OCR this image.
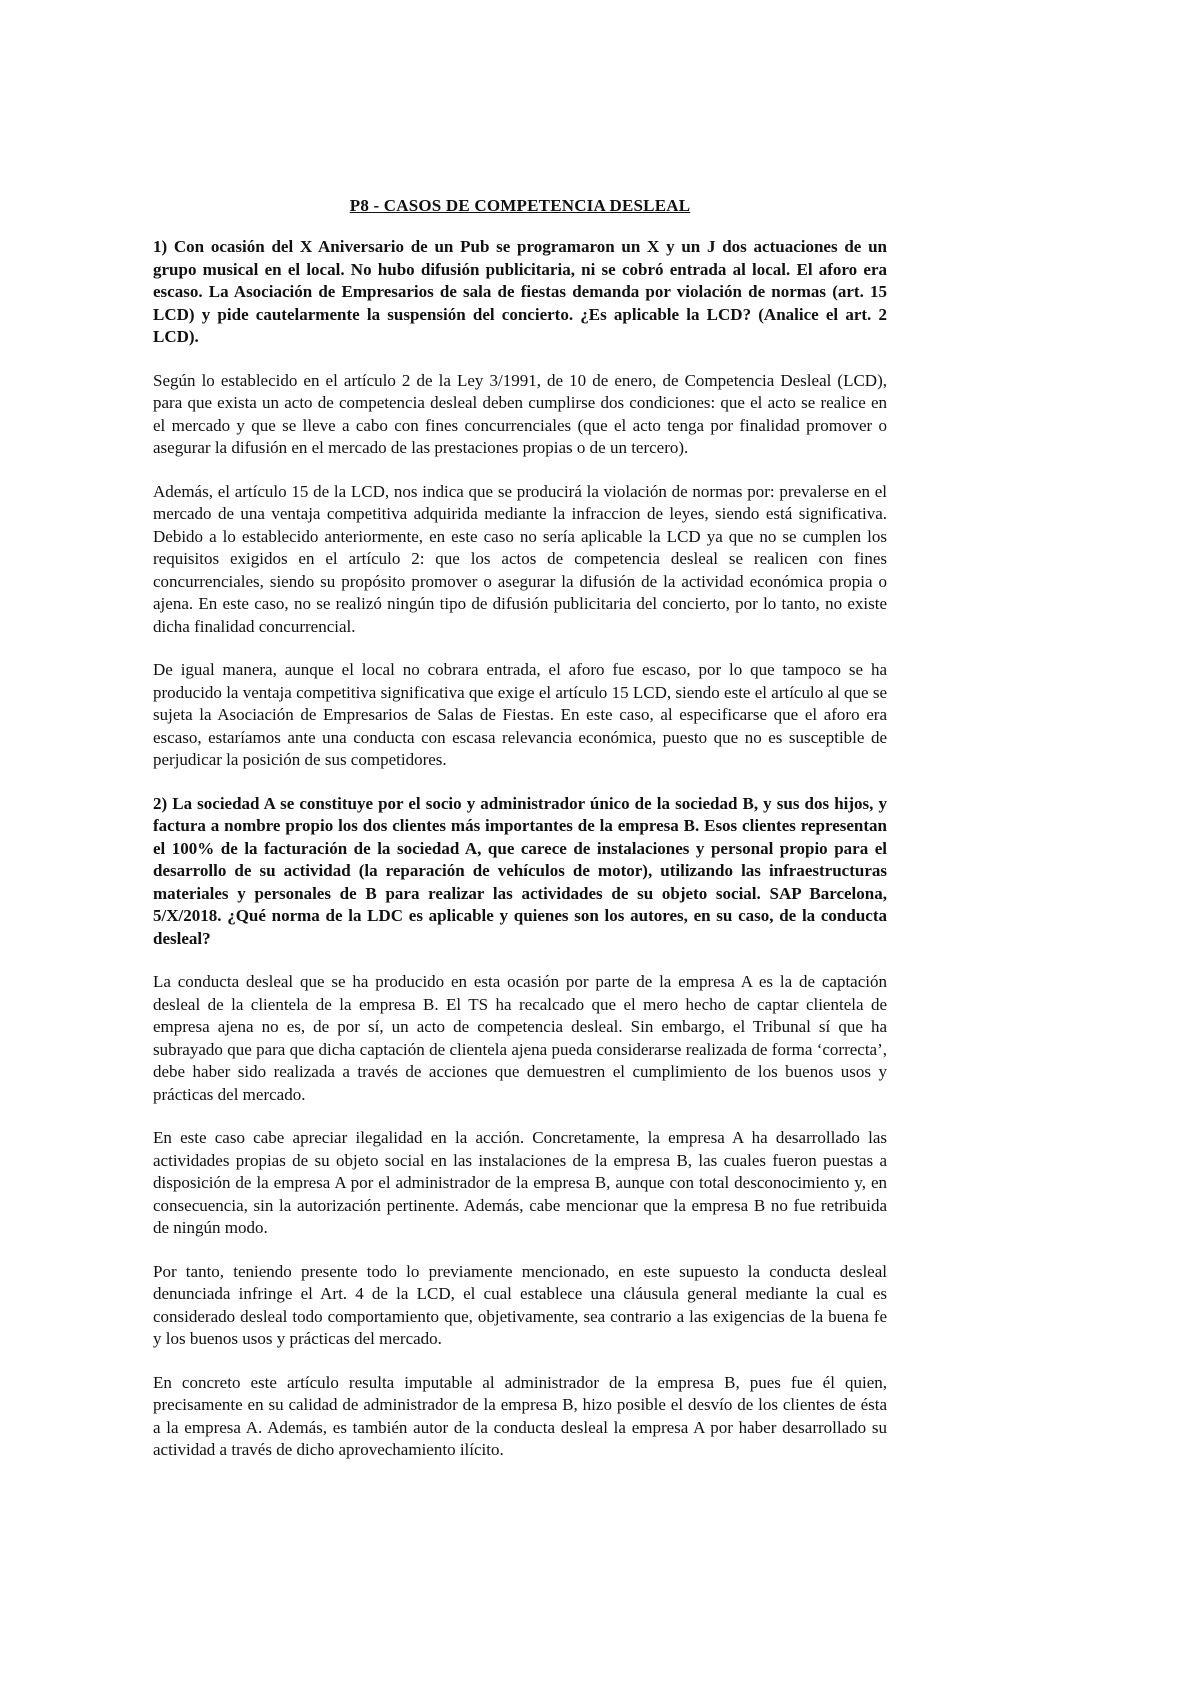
P8 - CASOS DE COMPETENCIA DESLEAL

1) Con ocasión del X Aniversario de un Pub se programaron un X y un J dos actuaciones de un grupo musical en el local. No hubo difusión publicitaria, ni se cobró entrada al local. El aforo era escaso. La Asociación de Empresarios de sala de fiestas demanda por violación de normas (art. 15 LCD) y pide cautelarmente la suspensión del concierto. ¿Es aplicable la LCD? (Analice el art. 2 LCD).

Según lo establecido en el artículo 2 de la Ley 3/1991, de 10 de enero, de Competencia Desleal (LCD), para que exista un acto de competencia desleal deben cumplirse dos condiciones: que el acto se realice en el mercado y que se lleve a cabo con fines concurrenciales (que el acto tenga por finalidad promover o asegurar la difusión en el mercado de las prestaciones propias o de un tercero).

Además, el artículo 15 de la LCD, nos indica que se producirá la violación de normas por: prevalerse en el mercado de una ventaja competitiva adquirida mediante la infraccion de leyes, siendo está significativa. Debido a lo establecido anteriormente, en este caso no sería aplicable la LCD ya que no se cumplen los requisitos exigidos en el artículo 2: que los actos de competencia desleal se realicen con fines concurrenciales, siendo su propósito promover o asegurar la difusión de la actividad económica propia o ajena. En este caso, no se realizó ningún tipo de difusión publicitaria del concierto, por lo tanto, no existe dicha finalidad concurrencial.

De igual manera, aunque el local no cobrara entrada, el aforo fue escaso, por lo que tampoco se ha producido la ventaja competitiva significativa que exige el artículo 15 LCD, siendo este el artículo al que se sujeta la Asociación de Empresarios de Salas de Fiestas. En este caso, al especificarse que el aforo era escaso, estaríamos ante una conducta con escasa relevancia económica, puesto que no es susceptible de perjudicar la posición de sus competidores.

2) La sociedad A se constituye por el socio y administrador único de la sociedad B, y sus dos hijos, y factura a nombre propio los dos clientes más importantes de la empresa B. Esos clientes representan el 100% de la facturación de la sociedad A, que carece de instalaciones y personal propio para el desarrollo de su actividad (la reparación de vehículos de motor), utilizando las infraestructuras materiales y personales de B para realizar las actividades de su objeto social. SAP Barcelona, 5/X/2018. ¿Qué norma de la LDC es aplicable y quienes son los autores, en su caso, de la conducta desleal?

La conducta desleal que se ha producido en esta ocasión por parte de la empresa A es la de captación desleal de la clientela de la empresa B. El TS ha recalcado que el mero hecho de captar clientela de empresa ajena no es, de por sí, un acto de competencia desleal. Sin embargo, el Tribunal sí que ha subrayado que para que dicha captación de clientela ajena pueda considerarse realizada de forma ‘correcta’, debe haber sido realizada a través de acciones que demuestren el cumplimiento de los buenos usos y prácticas del mercado.

En este caso cabe apreciar ilegalidad en la acción. Concretamente, la empresa A ha desarrollado las actividades propias de su objeto social en las instalaciones de la empresa B, las cuales fueron puestas a disposición de la empresa A por el administrador de la empresa B, aunque con total desconocimiento y, en consecuencia, sin la autorización pertinente. Además, cabe mencionar que la empresa B no fue retribuida de ningún modo.

Por tanto, teniendo presente todo lo previamente mencionado, en este supuesto la conducta desleal denunciada infringe el Art. 4 de la LCD, el cual establece una cláusula general mediante la cual es considerado desleal todo comportamiento que, objetivamente, sea contrario a las exigencias de la buena fe y los buenos usos y prácticas del mercado.

En concreto este artículo resulta imputable al administrador de la empresa B, pues fue él quien, precisamente en su calidad de administrador de la empresa B, hizo posible el desvío de los clientes de ésta a la empresa A. Además, es también autor de la conducta desleal la empresa A por haber desarrollado su actividad a través de dicho aprovechamiento ilícito.
